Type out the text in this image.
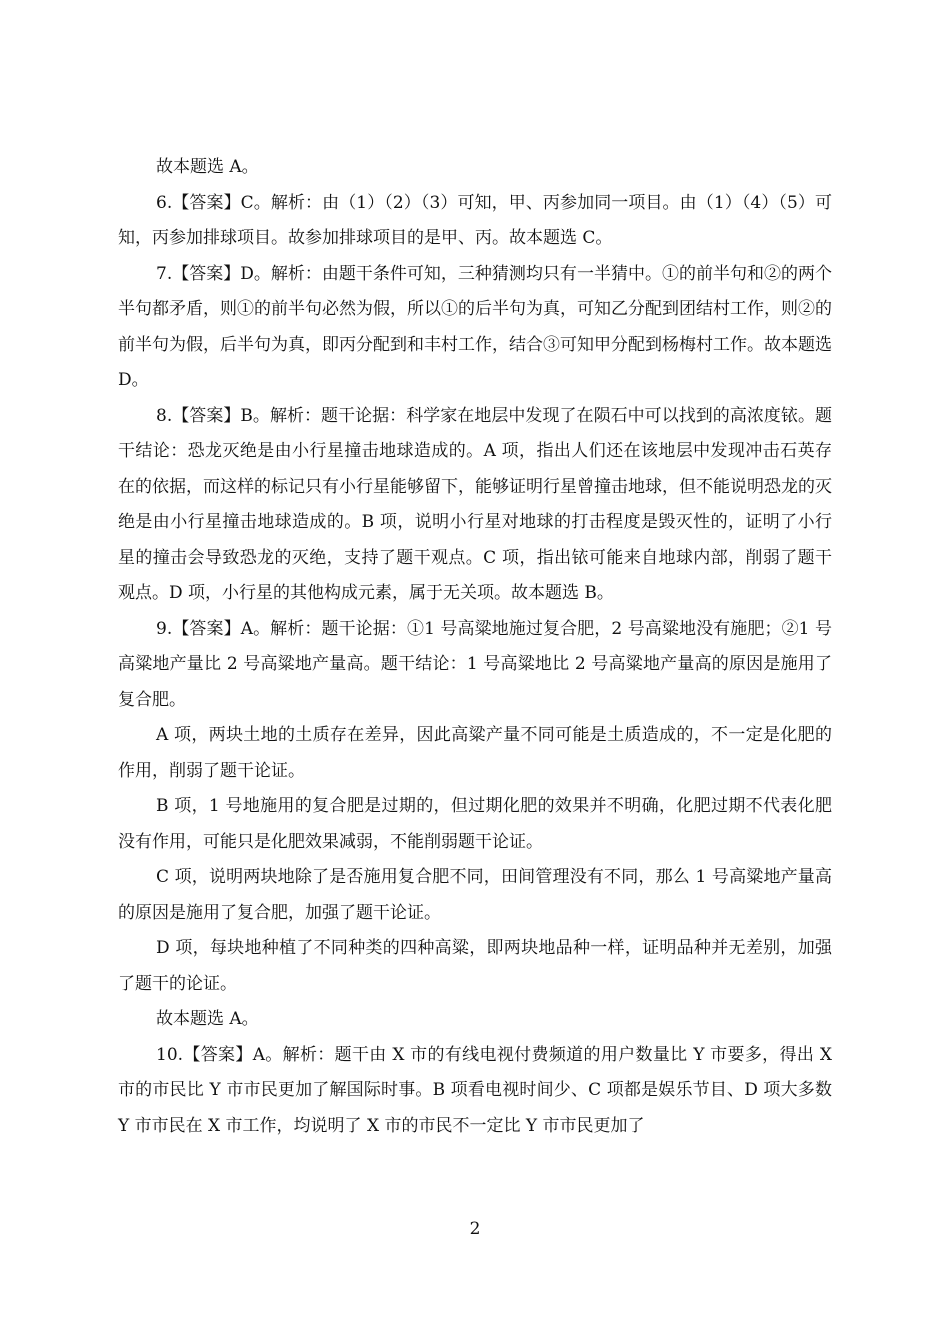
故本题选 A。

6.【答案】C。解析：由（1）（2）（3）可知，甲、丙参加同一项目。由（1）（4）（5）可知，丙参加排球项目。故参加排球项目的是甲、丙。故本题选 C。

7.【答案】D。解析：由题干条件可知，三种猜测均只有一半猜中。①的前半句和②的两个半句都矛盾，则①的前半句必然为假，所以①的后半句为真，可知乙分配到团结村工作，则②的前半句为假，后半句为真，即丙分配到和丰村工作，结合③可知甲分配到杨梅村工作。故本题选 D。

8.【答案】B。解析：题干论据：科学家在地层中发现了在陨石中可以找到的高浓度铱。题干结论：恐龙灭绝是由小行星撞击地球造成的。A 项，指出人们还在该地层中发现冲击石英存在的依据，而这样的标记只有小行星能够留下，能够证明行星曾撞击地球，但不能说明恐龙的灭绝是由小行星撞击地球造成的。B 项，说明小行星对地球的打击程度是毁灭性的，证明了小行星的撞击会导致恐龙的灭绝，支持了题干观点。C 项，指出铱可能来自地球内部，削弱了题干观点。D 项，小行星的其他构成元素，属于无关项。故本题选 B。

9.【答案】A。解析：题干论据：①1 号高粱地施过复合肥，2 号高粱地没有施肥；②1 号高粱地产量比 2 号高粱地产量高。题干结论：1 号高粱地比 2 号高粱地产量高的原因是施用了复合肥。

A 项，两块土地的土质存在差异，因此高粱产量不同可能是土质造成的，不一定是化肥的作用，削弱了题干论证。

B 项，1 号地施用的复合肥是过期的，但过期化肥的效果并不明确，化肥过期不代表化肥没有作用，可能只是化肥效果减弱，不能削弱题干论证。

C 项，说明两块地除了是否施用复合肥不同，田间管理没有不同，那么 1 号高粱地产量高的原因是施用了复合肥，加强了题干论证。

D 项，每块地种植了不同种类的四种高粱，即两块地品种一样，证明品种并无差别，加强了题干的论证。

故本题选 A。

10.【答案】A。解析：题干由 X 市的有线电视付费频道的用户数量比 Y 市要多，得出 X 市的市民比 Y 市市民更加了解国际时事。B 项看电视时间少、C 项都是娱乐节目、D 项大多数 Y 市市民在 X 市工作，均说明了 X 市的市民不一定比 Y 市市民更加了

2
